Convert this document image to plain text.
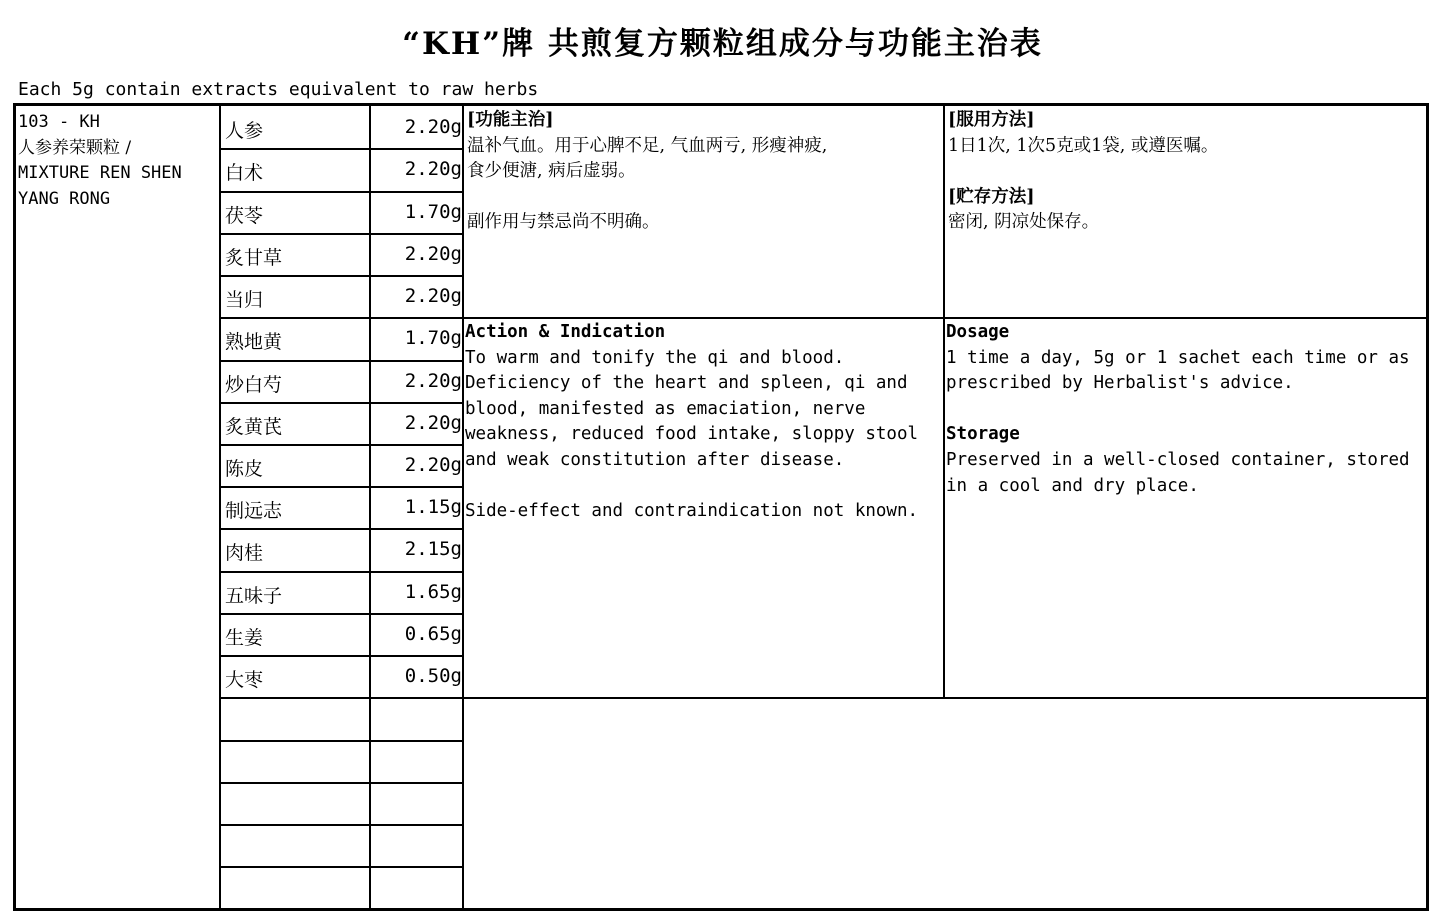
“KH”牌 共煎复方颗粒组成分与功能主治表
Each 5g contain extracts equivalent to raw herbs
103 - KH
人参养荣颗粒 /
MIXTURE REN SHEN
YANG RONG
人参	2.20g
白术	2.20g
茯苓	1.70g
炙甘草	2.20g
当归	2.20g
熟地黄	1.70g
炒白芍	2.20g
炙黄芪	2.20g
陈皮	2.20g
制远志	1.15g
肉桂	2.15g
五味子	1.65g
生姜	0.65g
大枣	0.50g
[功能主治]
温补气血。用于心脾不足, 气血两亏, 形瘦神疲,
食少便溏, 病后虚弱。
副作用与禁忌尚不明确。
[服用方法]
1日1次, 1次5克或1袋, 或遵医嘱。
[贮存方法]
密闭, 阴凉处保存。
Action & Indication
To warm and tonify the qi and blood.
Deficiency of the heart and spleen, qi and
blood, manifested as emaciation, nerve
weakness, reduced food intake, sloppy stool
and weak constitution after disease.
Side-effect and contraindication not known.
Dosage
1 time a day, 5g or 1 sachet each time or as
prescribed by Herbalist's advice.
Storage
Preserved in a well-closed container, stored
in a cool and dry place.
